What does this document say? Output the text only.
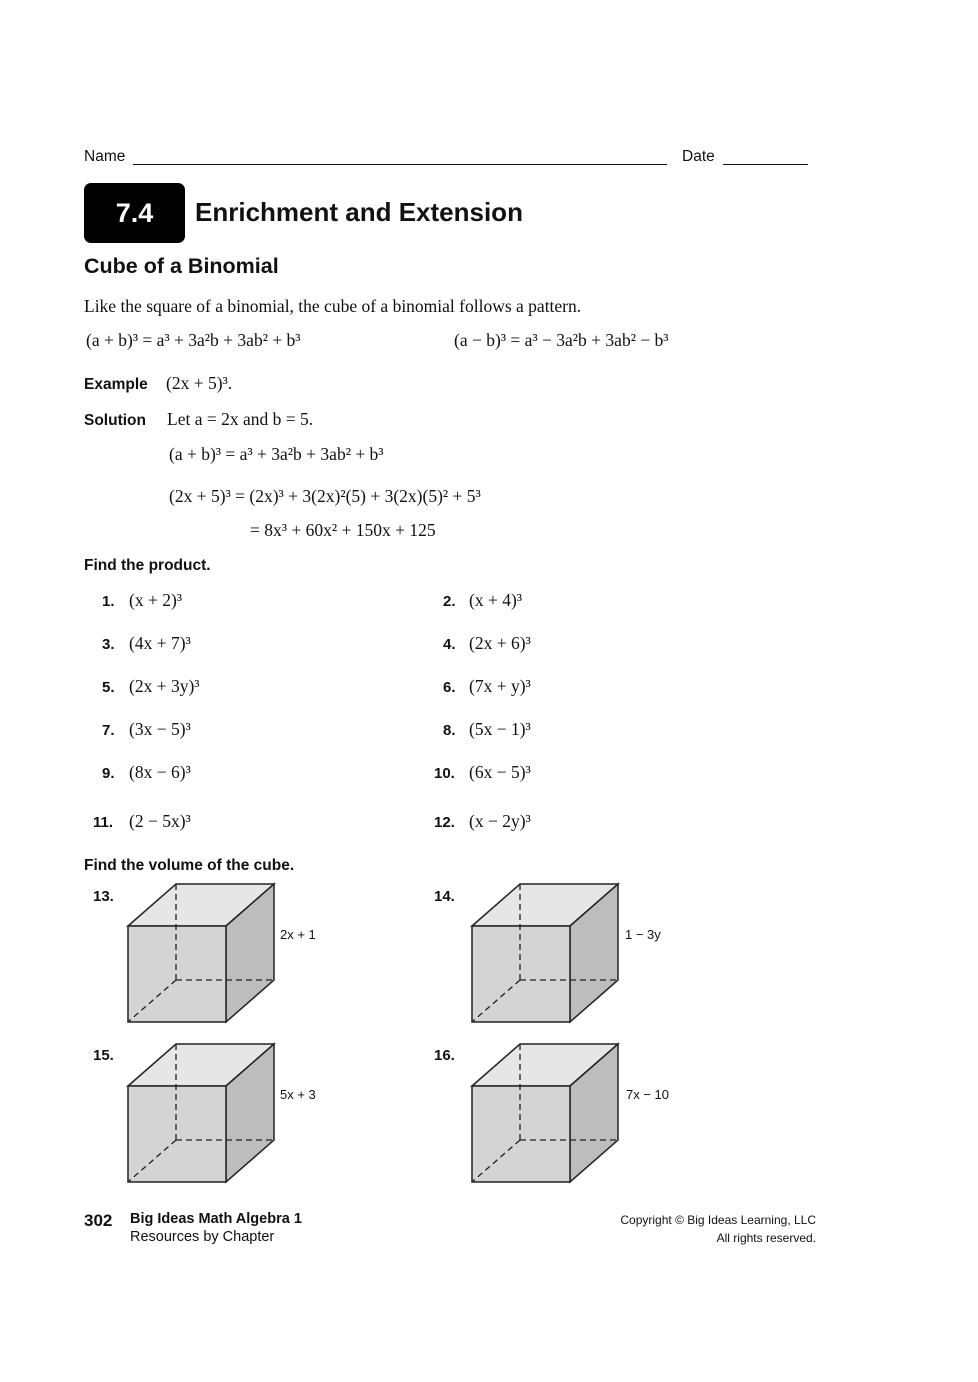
Name	Date
7.4	Enrichment and Extension
Cube of a Binomial
Like the square of a binomial, the cube of a binomial follows a pattern.
(a + b)³ = a³ + 3a²b + 3ab² + b³	(a − b)³ = a³ − 3a²b + 3ab² − b³
Example (2x + 5)³.
Solution Let a = 2x and b = 5.
(a + b)³ = a³ + 3a²b + 3ab² + b³
(2x + 5)³ = (2x)³ + 3(2x)²(5) + 3(2x)(5)² + 5³
= 8x³ + 60x² + 150x + 125
Find the product.
1. (x + 2)³	2. (x + 4)³
3. (4x + 7)³	4. (2x + 6)³
5. (2x + 3y)³	6. (7x + y)³
7. (3x − 5)³	8. (5x − 1)³
9. (8x − 6)³	10. (6x − 5)³
11. (2 − 5x)³	12. (x − 2y)³
Find the volume of the cube.
13.
2x + 1
14.
1 − 3y
15.
5x + 3
16.
7x − 10
302 Big Ideas Math Algebra 1
Resources by Chapter
Copyright © Big Ideas Learning, LLC
All rights reserved.
